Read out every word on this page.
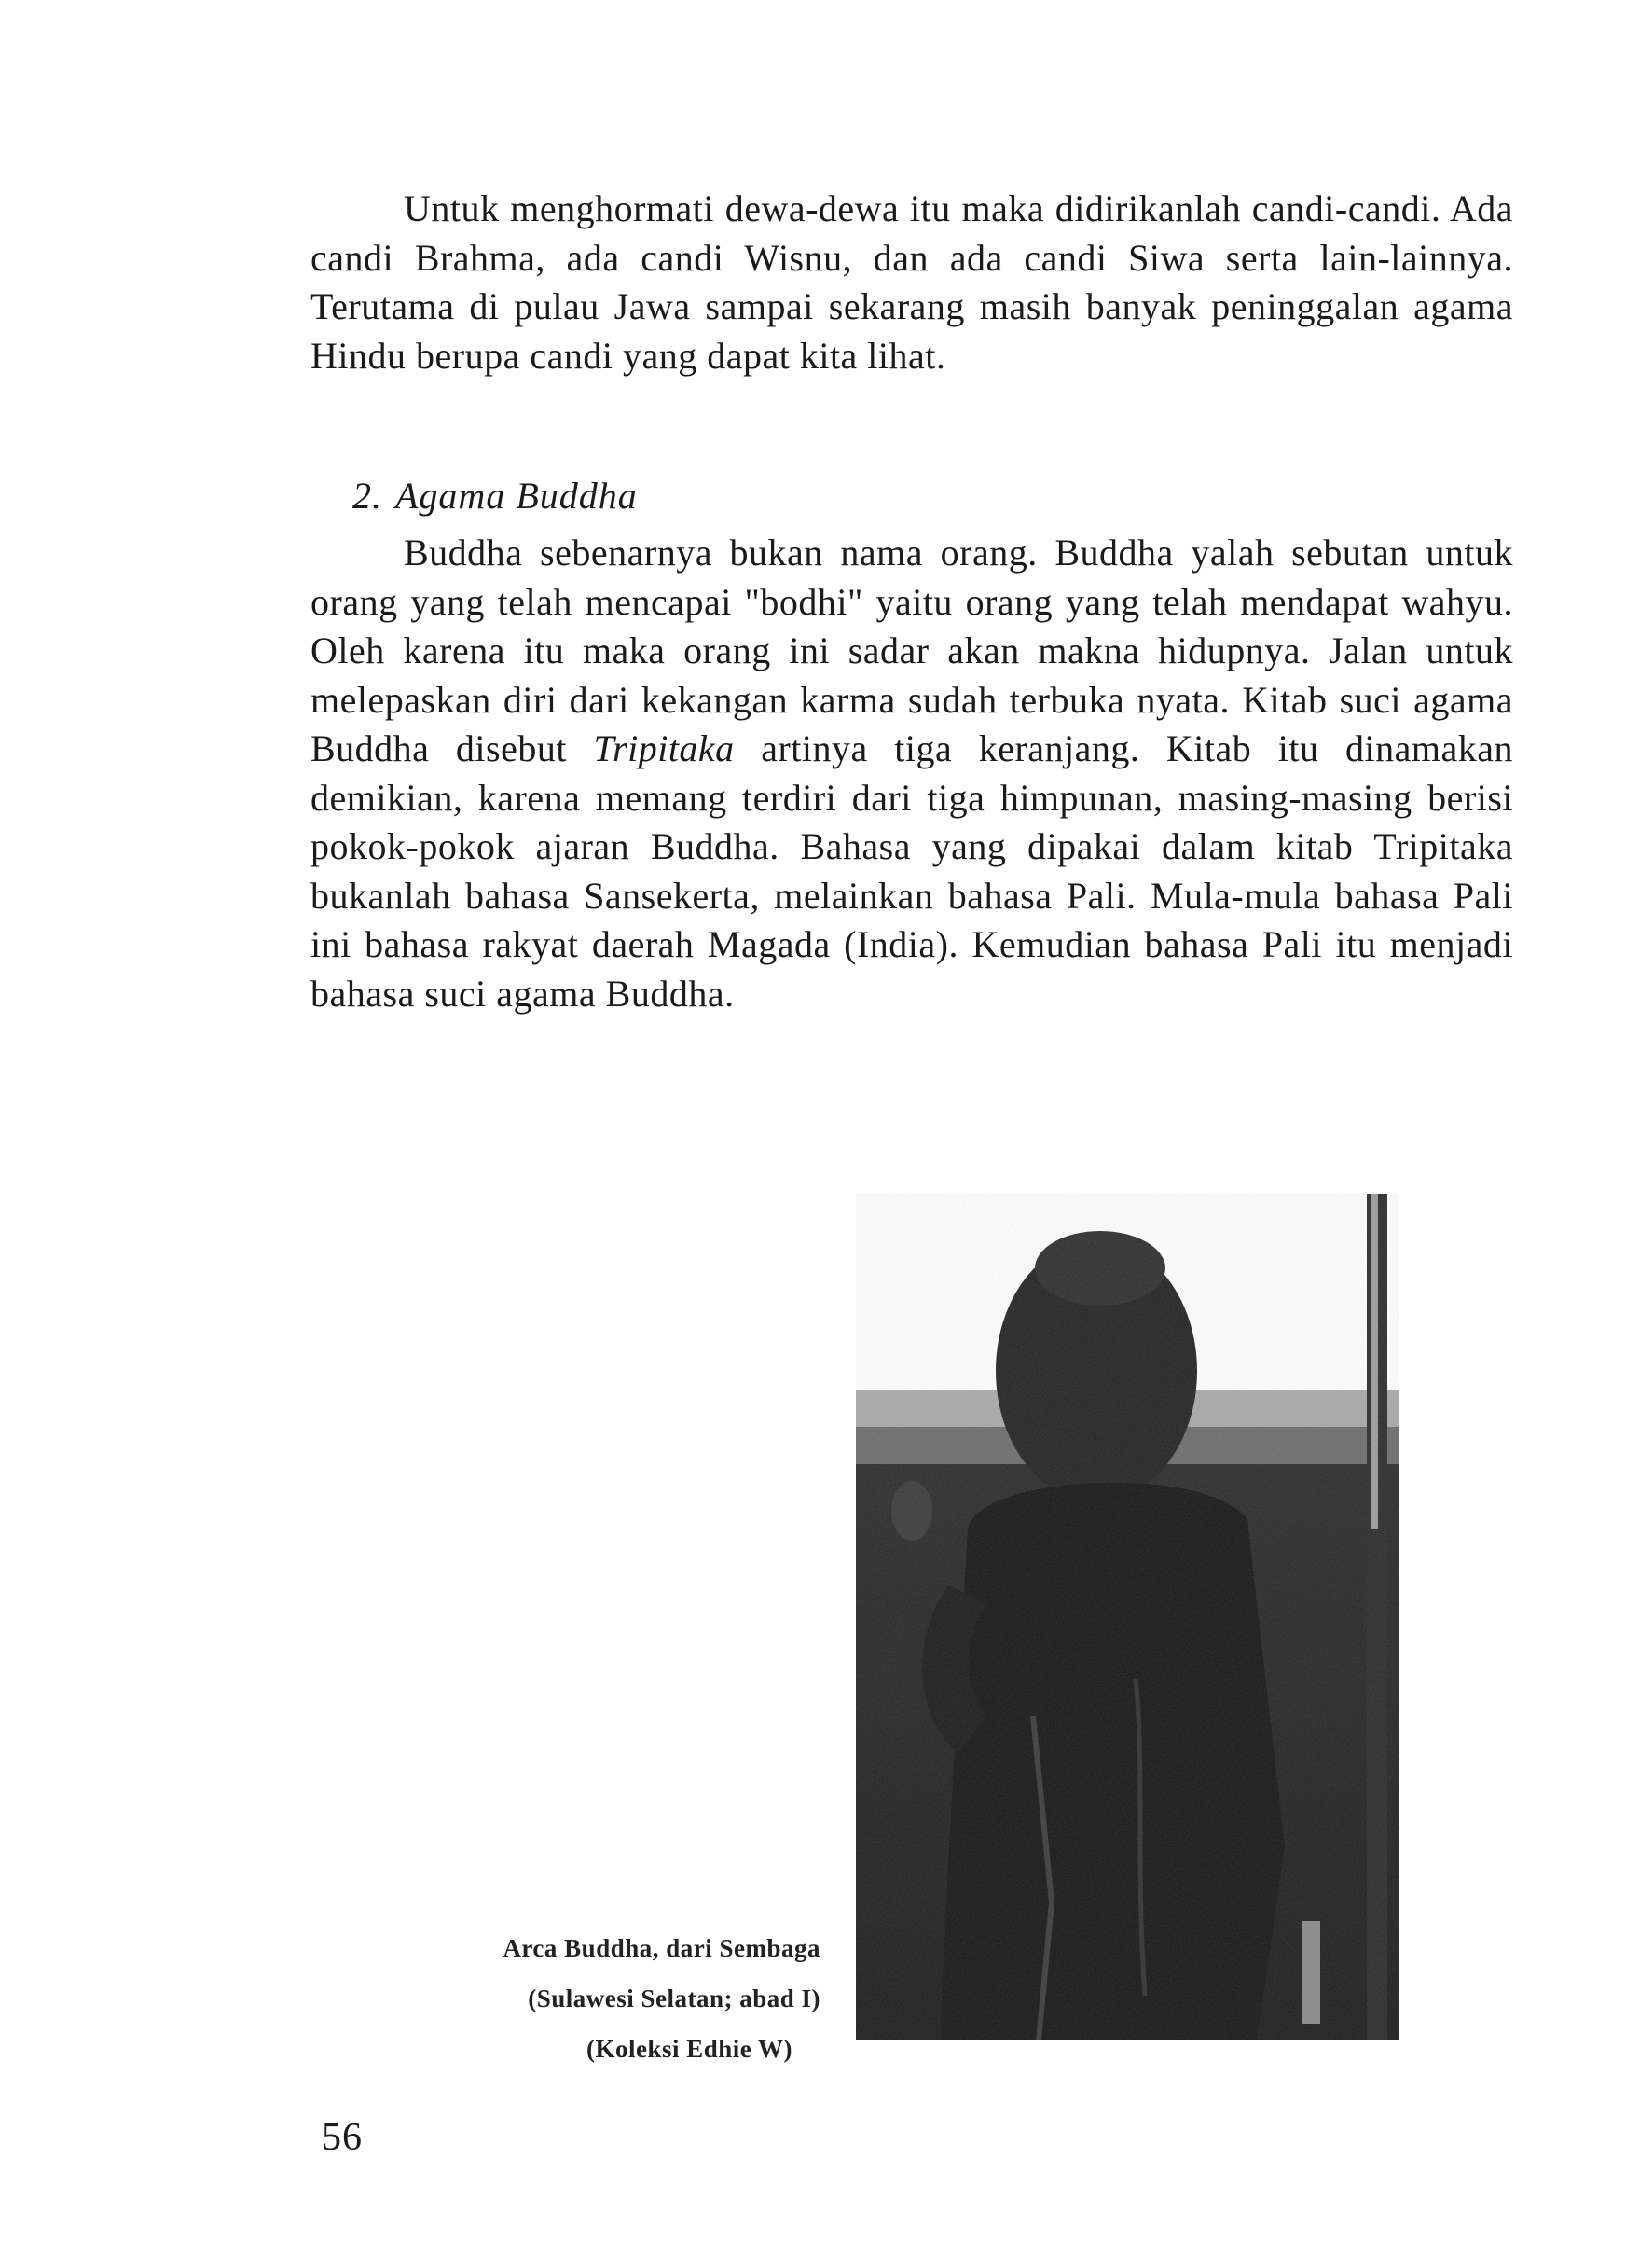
Untuk menghormati dewa-dewa itu maka didirikanlah candi-candi. Ada candi Brahma, ada candi Wisnu, dan ada candi Siwa serta lain-lainnya. Terutama di pulau Jawa sampai sekarang masih banyak peninggalan agama Hindu berupa candi yang dapat kita lihat.

2. Agama Buddha

Buddha sebenarnya bukan nama orang. Buddha yalah sebutan untuk orang yang telah mencapai "bodhi" yaitu orang yang telah mendapat wahyu. Oleh karena itu maka orang ini sadar akan makna hidupnya. Jalan untuk melepaskan diri dari kekangan karma sudah terbuka nyata. Kitab suci agama Buddha disebut Tripitaka artinya tiga keranjang. Kitab itu dinamakan demikian, karena memang terdiri dari tiga himpunan, masing-masing berisi pokok-pokok ajaran Buddha. Bahasa yang dipakai dalam kitab Tripitaka bukanlah bahasa Sansekerta, melainkan bahasa Pali. Mula-mula bahasa Pali ini bahasa rakyat daerah Magada (India). Kemudian bahasa Pali itu menjadi bahasa suci agama Buddha.

Arca Buddha, dari Sembaga
(Sulawesi Selatan; abad I)
(Koleksi Edhie W)
56
